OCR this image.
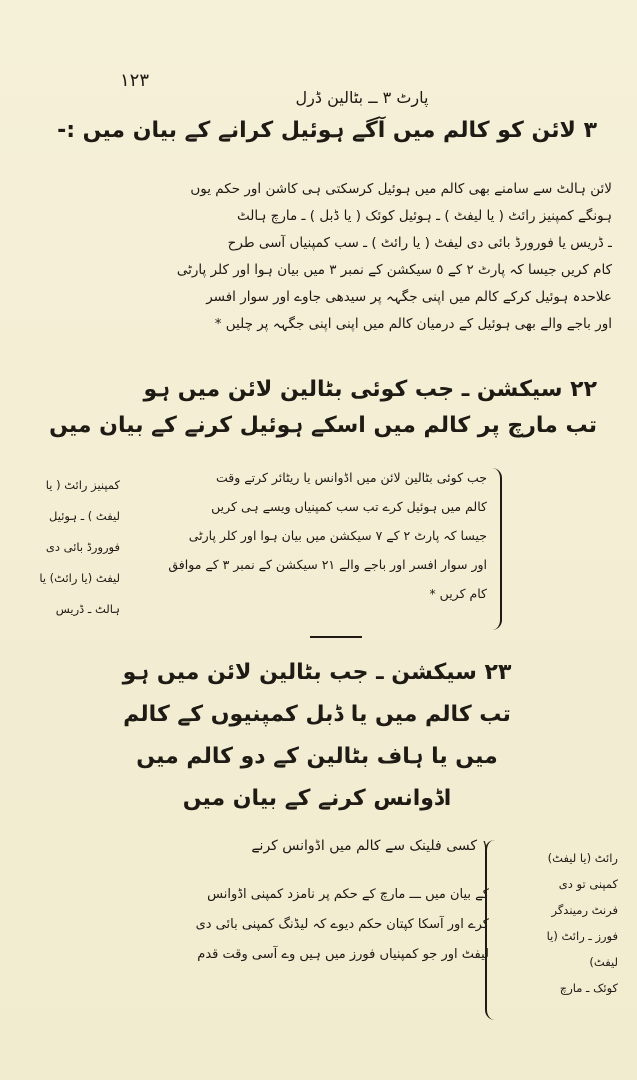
١٢٣
پارٹ ٣ ــ بٹالین ڈرل
٣ لائن کو کالم میں آگے ہوئیل کرانے کے بیان میں :-
لائن ہالٹ سے سامنے بھی کالم میں ہوئیل کرسکتی ہی کاشن اور حکم یوں
ہونگے کمپنیز رائٹ ( یا لیفٹ ) ـ ہوئیل کوئک ( یا ڈبل ) ـ مارچ ہالٹ
ـ ڈریس یا فورورڈ بائی دی لیفٹ ( یا رائٹ ) ـ سب کمپنیاں آسی طرح
کام کریں جیسا کہ پارٹ ٢ کے ٥ سیکشن کے نمبر ٣ میں بیان ہوا اور کلر پارٹی
علاحدہ ہوئیل کرکے کالم میں اپنی جگہہ پر سیدھی جاوے اور سوار افسر
اور باجے والے بھی ہوئیل کے درمیان کالم میں اپنی اپنی جگہہ پر چلیں *
٢٢ سیکشن ـ جب کوئی بٹالین لائن میں ہو
تب مارچ پر کالم میں اسکے ہوئیل کرنے کے بیان میں
کمپنیز رائٹ ( یا
لیفٹ ) ـ ہوئیل
فورورڈ بائی دی
لیفٹ (یا رائٹ) یا
ہالٹ ـ ڈریس
جب کوئی بٹالین لائن میں اڈوانس یا ریٹائر کرتے وقت
کالم میں ہوئیل کرے تب سب کمپنیاں ویسے ہی کریں
جیسا کہ پارٹ ٢ کے ٧ سیکشن میں بیان ہوا اور کلر پارٹی
اور سوار افسر اور باجے والے ٢١ سیکشن کے نمبر ٣ کے موافق
کام کریں *
٢٣ سیکشن ـ جب بٹالین لائن میں ہو
تب کالم میں یا ڈبل کمپنیوں کے کالم
میں یا ہاف بٹالین کے دو کالم میں
اڈوانس کرنے کے بیان میں
١ کسی فلینک سے کالم میں اڈوانس کرنے
کے بیان میں ـــ مارچ کے حکم پر نامزد کمپنی اڈوانس
کرے اور آسکا کپتان حکم دیوے کہ لیڈنگ کمپنی بائی دی
لیفٹ اور جو کمپنیاں فورز میں ہیں وے آسی وقت قدم
رائٹ (یا لیفٹ)
کمپنی تو دی
فرنٹ رمیندگر
فورز ـ رائٹ (یا
لیفٹ)
کوئک ـ مارچ
